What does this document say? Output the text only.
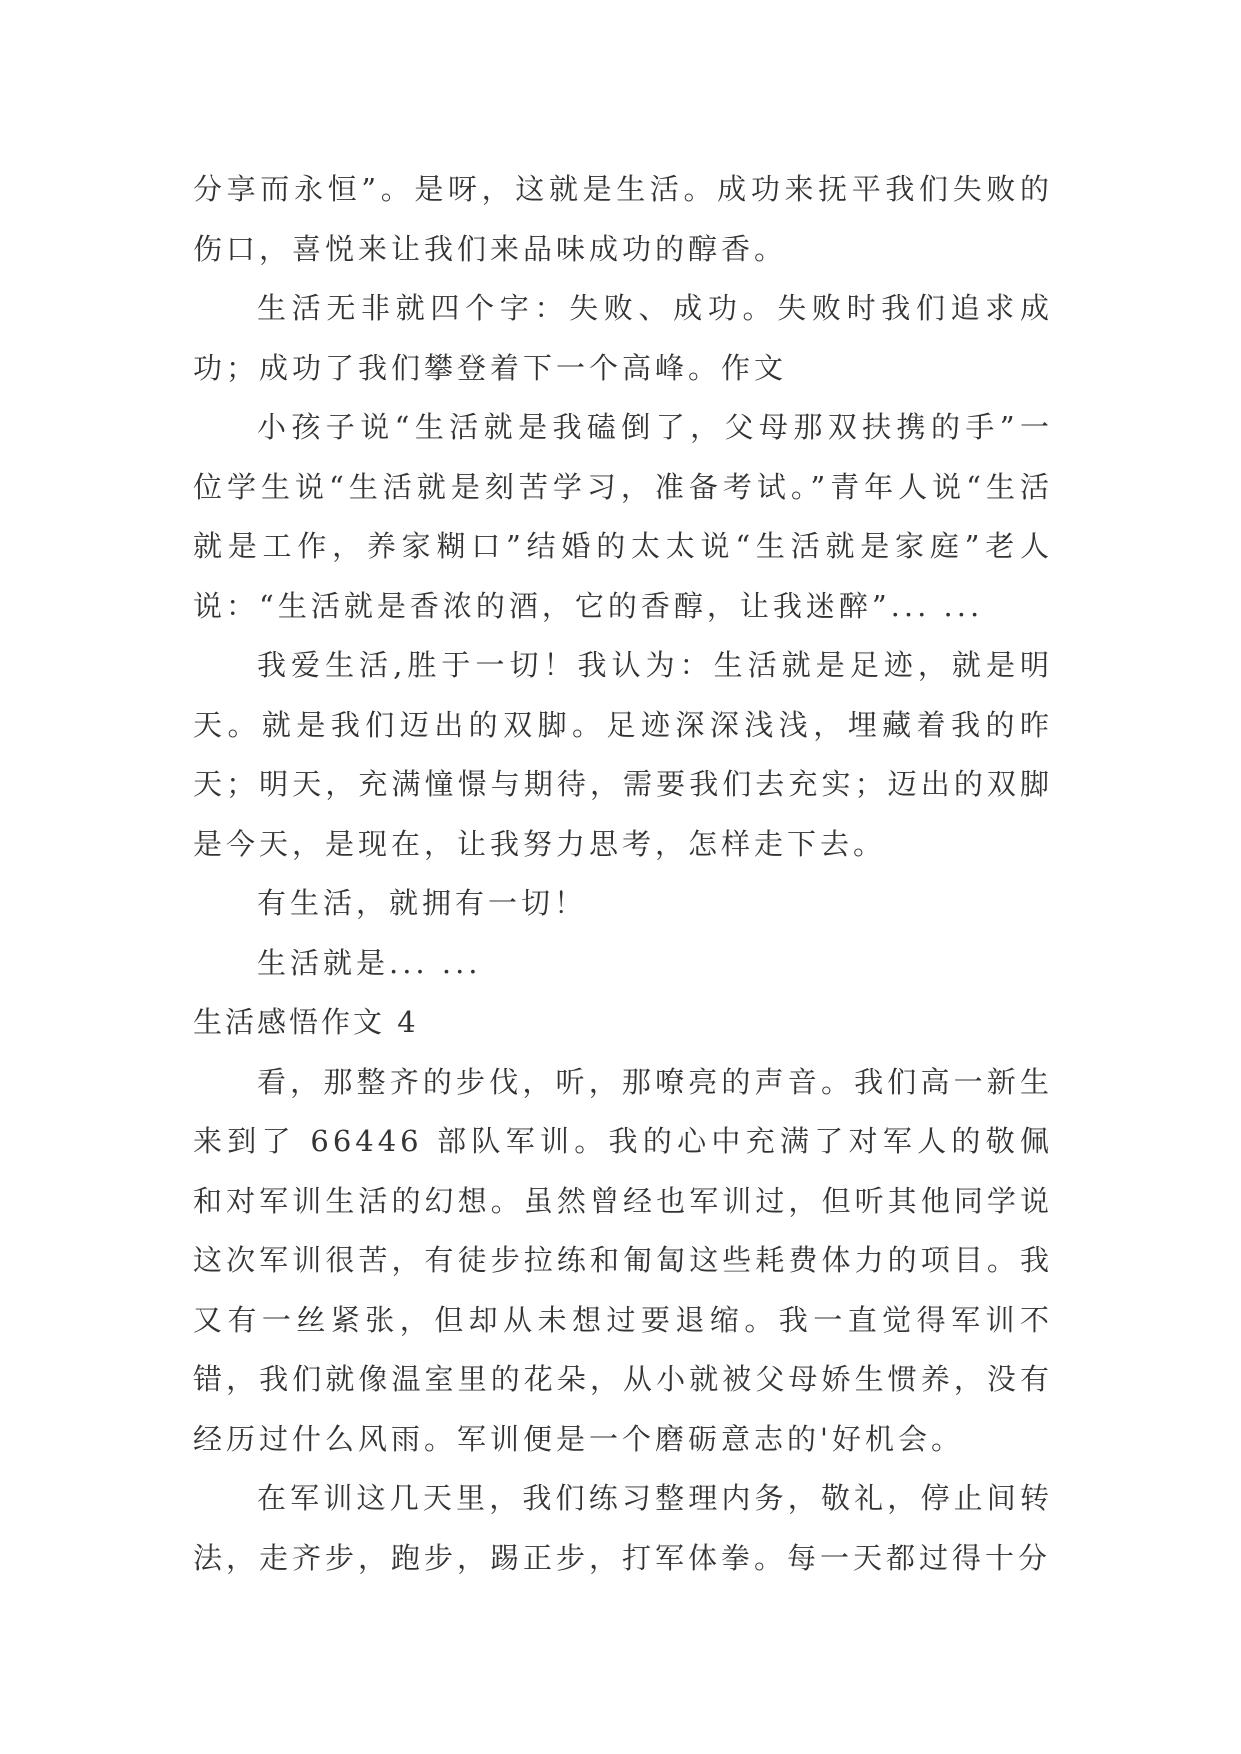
分享而永恒”。是呀，这就是生活。成功来抚平我们失败的伤口，喜悦来让我们来品味成功的醇香。

生活无非就四个字：失败、成功。失败时我们追求成功；成功了我们攀登着下一个高峰。作文

小孩子说“生活就是我磕倒了，父母那双扶携的手”一位学生说“生活就是刻苦学习，准备考试。”青年人说“生活就是工作，养家糊口”结婚的太太说“生活就是家庭”老人说：“生活就是香浓的酒，它的香醇，让我迷醉”... ...

我爱生活,胜于一切！我认为：生活就是足迹，就是明天。就是我们迈出的双脚。足迹深深浅浅，埋藏着我的昨天；明天，充满憧憬与期待，需要我们去充实；迈出的双脚是今天，是现在，让我努力思考，怎样走下去。

有生活，就拥有一切！

生活就是... ...

生活感悟作文 4

看，那整齐的步伐，听，那嘹亮的声音。我们高一新生来到了 66446 部队军训。我的心中充满了对军人的敬佩和对军训生活的幻想。虽然曾经也军训过，但听其他同学说这次军训很苦，有徒步拉练和匍匐这些耗费体力的项目。我又有一丝紧张，但却从未想过要退缩。我一直觉得军训不错，我们就像温室里的花朵，从小就被父母娇生惯养，没有经历过什么风雨。军训便是一个磨砺意志的'好机会。

在军训这几天里，我们练习整理内务，敬礼，停止间转法，走齐步，跑步，踢正步，打军体拳。每一天都过得十分
